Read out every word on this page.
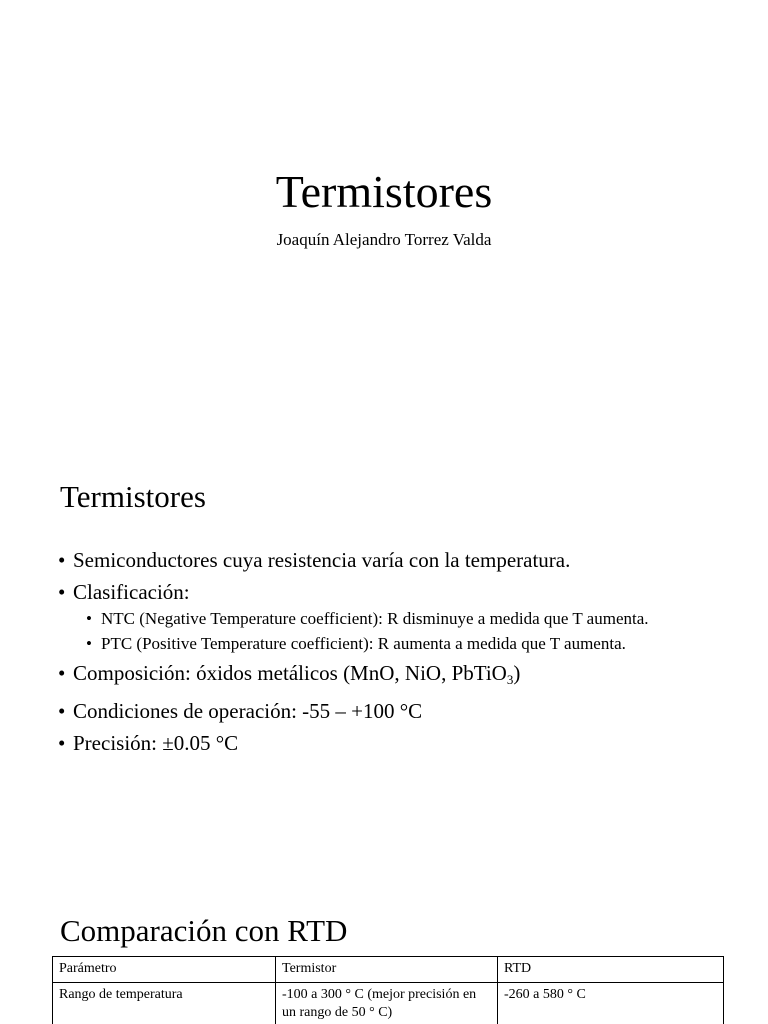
Termistores
Joaquín Alejandro Torrez Valda
Termistores
• Semiconductores cuya resistencia varía con la temperatura.
• Clasificación:
• NTC (Negative Temperature coefficient): R disminuye a medida que T aumenta.
• PTC (Positive Temperature coefficient): R aumenta a medida que T aumenta.
• Composición: óxidos metálicos (MnO, NiO, PbTiO3)
• Condiciones de operación: -55 – +100 °C
• Precisión: ±0.05 °C
Comparación con RTD
Parámetro	Termistor	RTD
Rango de temperatura	-100 a 300 ° C (mejor precisión en un rango de 50 ° C)	-260 a 580 ° C
